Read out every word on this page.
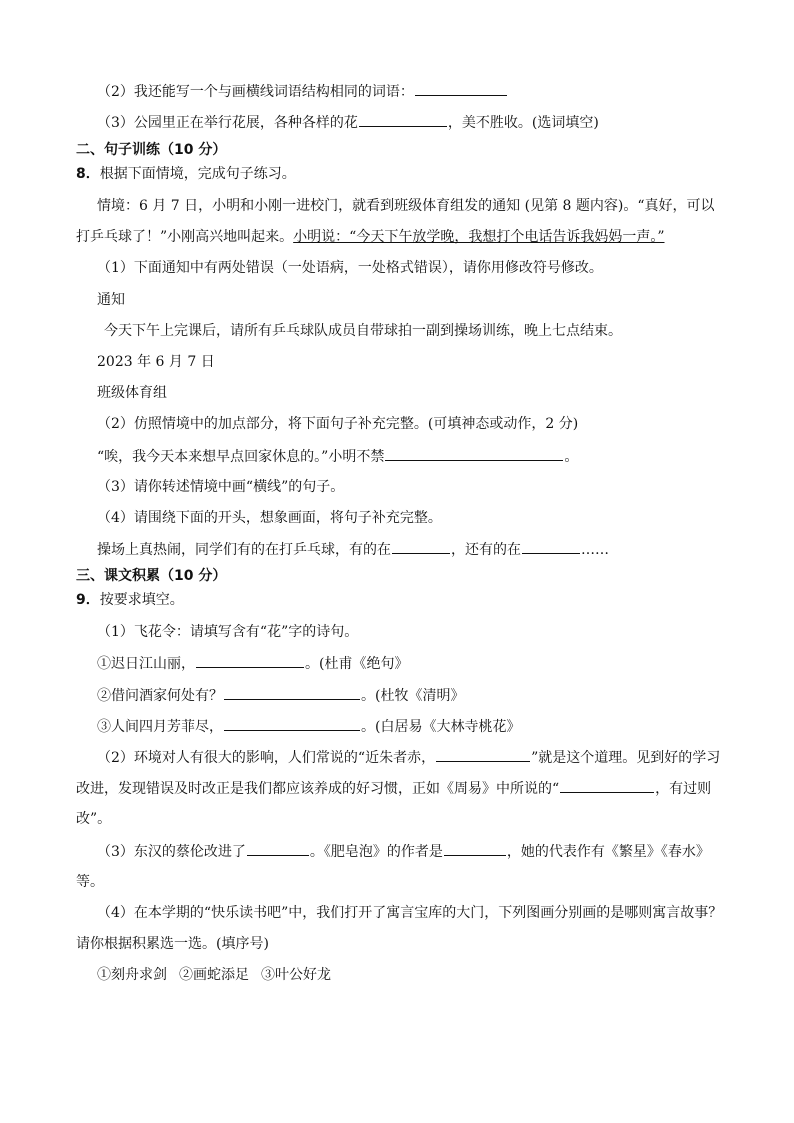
（2）我还能写一个与画横线词语结构相同的词语：
（3）公园里正在举行花展，各种各样的花	，美不胜收。(选词填空)
二、句子训练（10 分）
8．根据下面情境，完成句子练习。
情境：6 月 7 日，小明和小刚一进校门，就看到班级体育组发的通知 (见第 8 题内容)。“真好，可以
打乒乓球了！”小刚高兴地叫起来。小明说：“今天下午放学晚，我想打个电话告诉我妈妈一声。”
（1）下面通知中有两处错误（一处语病，一处格式错误），请你用修改符号修改。
通知
今天下午上完课后，请所有乒乓球队成员自带球拍一副到操场训练，晚上七点结束。
2023 年 6 月 7 日
班级体育组
（2）仿照情境中的加点部分，将下面句子补充完整。(可填神态或动作，2 分)
“唉，我今天本来想早点回家休息的。”小明不禁	。
（3）请你转述情境中画“横线”的句子。
（4）请围绕下面的开头，想象画面，将句子补充完整。
操场上真热闹，同学们有的在打乒乓球，有的在	，还有的在	……
三、课文积累（10 分）
9．按要求填空。
（1）飞花令：请填写含有“花”字的诗句。
①迟日江山丽，	。(杜甫《绝句》
②借问酒家何处有？	。(杜牧《清明》
③人间四月芳菲尽，	。(白居易《大林寺桃花》
（2）环境对人有很大的影响，人们常说的“近朱者赤，	”就是这个道理。见到好的学习
改进，发现错误及时改正是我们都应该养成的好习惯，正如《周易》中所说的“	，有过则
改”。
（3）东汉的蔡伦改进了	。《肥皂泡》的作者是	，她的代表作有《繁星》《春水》
等。
（4）在本学期的“快乐读书吧”中，我们打开了寓言宝库的大门，下列图画分别画的是哪则寓言故事？
请你根据积累选一选。(填序号)
①刻舟求剑 ②画蛇添足 ③叶公好龙
